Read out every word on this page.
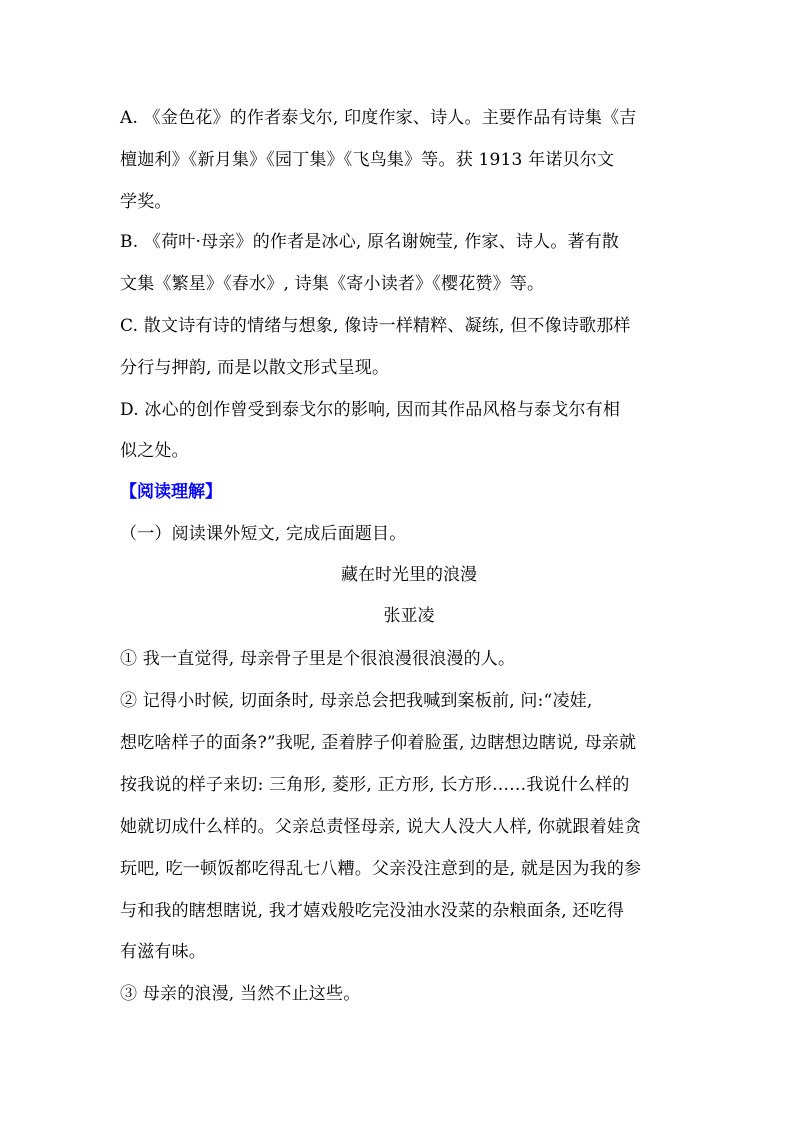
A. 《金色花》的作者泰戈尔, 印度作家、诗人。主要作品有诗集《吉
檀迦利》《新月集》《园丁集》《飞鸟集》等。获 1913 年诺贝尔文
学奖。
B. 《荷叶·母亲》的作者是冰心, 原名谢婉莹, 作家、诗人。著有散
文集《繁星》《春水》, 诗集《寄小读者》《樱花赞》等。
C. 散文诗有诗的情绪与想象, 像诗一样精粹、凝练, 但不像诗歌那样
分行与押韵, 而是以散文形式呈现。
D. 冰心的创作曾受到泰戈尔的影响, 因而其作品风格与泰戈尔有相
似之处。
【阅读理解】
（一）阅读课外短文, 完成后面题目。
藏在时光里的浪漫
张亚凌
① 我一直觉得, 母亲骨子里是个很浪漫很浪漫的人。
② 记得小时候, 切面条时, 母亲总会把我喊到案板前, 问:“凌娃,
想吃啥样子的面条?”我呢, 歪着脖子仰着脸蛋, 边瞎想边瞎说, 母亲就
按我说的样子来切: 三角形, 菱形, 正方形, 长方形……我说什么样的
她就切成什么样的。父亲总责怪母亲, 说大人没大人样, 你就跟着娃贪
玩吧, 吃一顿饭都吃得乱七八糟。父亲没注意到的是, 就是因为我的参
与和我的瞎想瞎说, 我才嬉戏般吃完没油水没菜的杂粮面条, 还吃得
有滋有味。
③ 母亲的浪漫, 当然不止这些。
